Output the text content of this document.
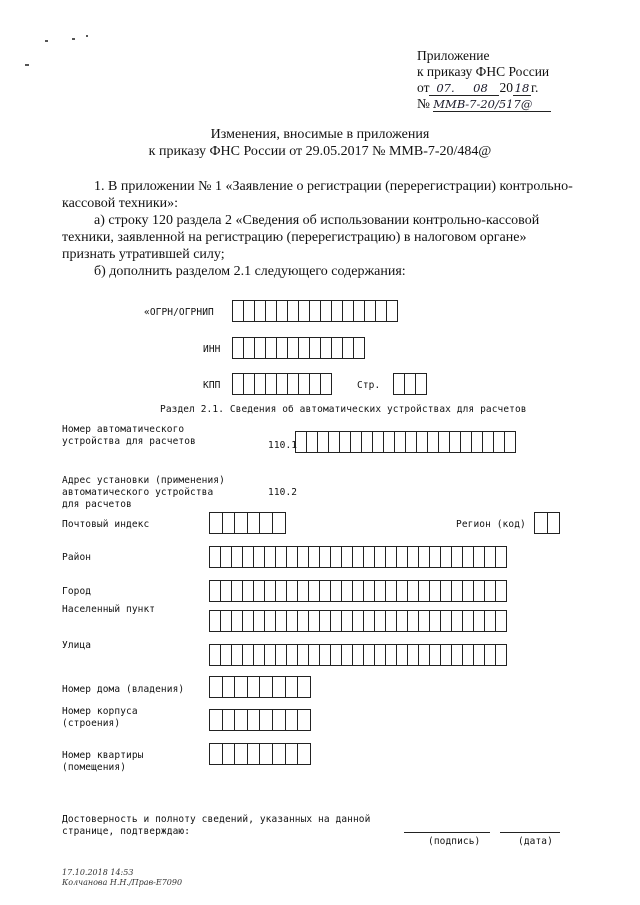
Приложение
к приказу ФНС России
от 07. 08 20 18 г.
№ ММВ-7-20/517@
Изменения, вносимые в приложения
к приказу ФНС России от 29.05.2017 № ММВ-7-20/484@
1. В приложении № 1 «Заявление о регистрации (перерегистрации) контрольно-
кассовой техники»:
а) строку 120 раздела 2 «Сведения об использовании контрольно-кассовой
техники, заявленной на регистрацию (перерегистрацию) в налоговом органе»
признать утратившей силу;
б) дополнить разделом 2.1 следующего содержания:
«ОГРН/ОГРНИП
ИНН
КПП	Стр.
Раздел 2.1. Сведения об автоматических устройствах для расчетов
Номер автоматического
устройства для расчетов	110.1
Адрес установки (применения)
автоматического устройства
для расчетов
110.2
Почтовый индекс	Регион (код)
Район
Город
Населенный пункт
Улица
Номер дома (владения)
Номер корпуса
(строения)
Номер квартиры
(помещения)
Достоверность и полноту сведений, указанных на данной
странице, подтверждаю:
(подпись)	(дата)
17.10.2018 14:53
Колчанова Н.Н./Прав-Е7090
